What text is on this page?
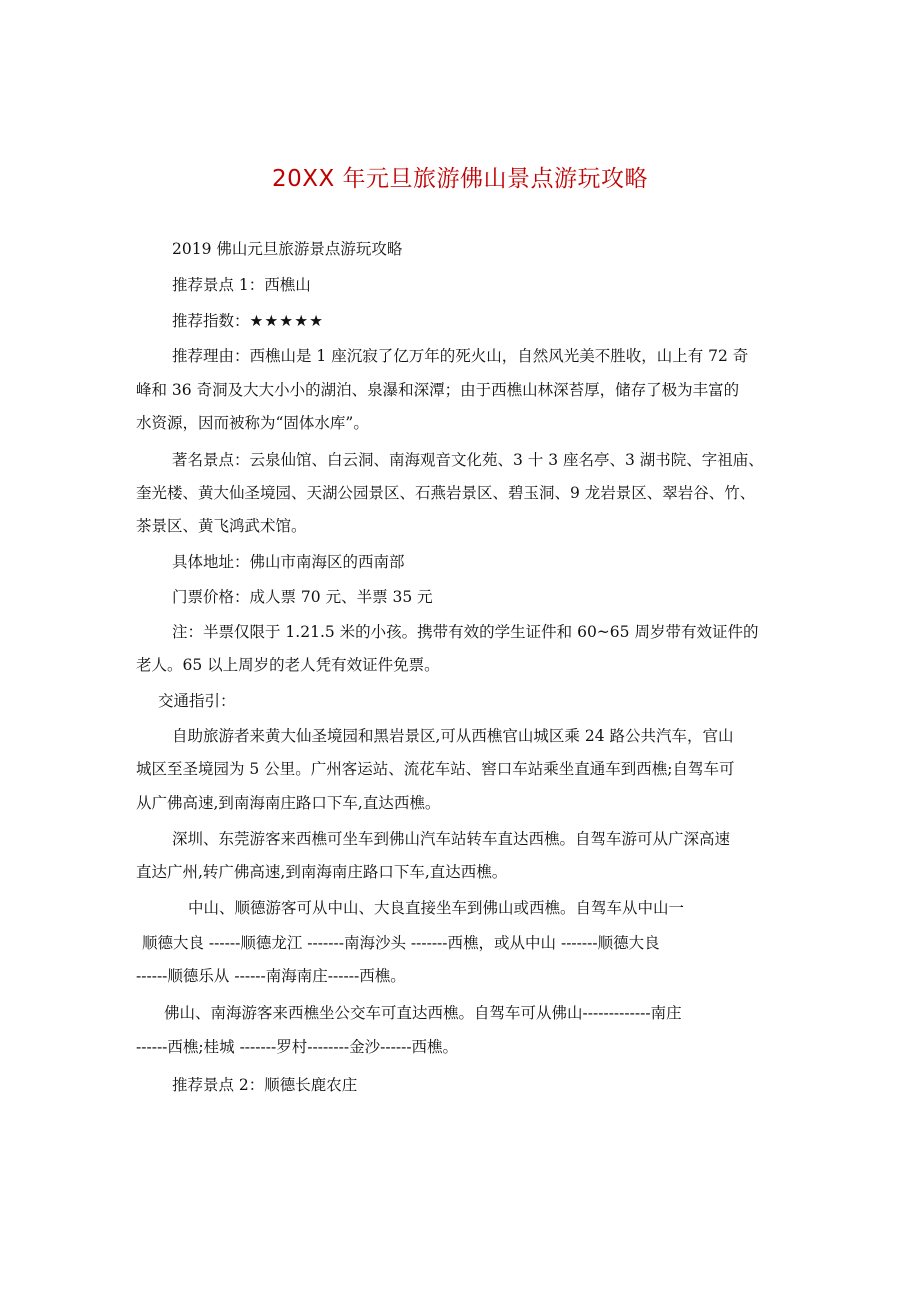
20XX 年元旦旅游佛山景点游玩攻略
2019 佛山元旦旅游景点游玩攻略
推荐景点 1：西樵山
推荐指数：★★★★★
推荐理由：西樵山是 1 座沉寂了亿万年的死火山，自然风光美不胜收，山上有 72 奇
峰和 36 奇洞及大大小小的湖泊、泉瀑和深潭；由于西樵山林深苔厚，储存了极为丰富的
水资源，因而被称为“固体水库”。
著名景点：云泉仙馆、白云洞、南海观音文化苑、3 十 3 座名亭、3 湖书院、字祖庙、
奎光楼、黄大仙圣境园、天湖公园景区、石燕岩景区、碧玉洞、9 龙岩景区、翠岩谷、竹、
茶景区、黄飞鸿武术馆。
具体地址：佛山市南海区的西南部
门票价格：成人票 70 元、半票 35 元
注：半票仅限于 1.21.5 米的小孩。携带有效的学生证件和 60~65 周岁带有效证件的
老人。65 以上周岁的老人凭有效证件免票。
交通指引：
自助旅游者来黄大仙圣境园和黑岩景区,可从西樵官山城区乘 24 路公共汽车，官山
城区至圣境园为 5 公里。广州客运站、流花车站、窖口车站乘坐直通车到西樵;自驾车可
从广佛高速,到南海南庄路口下车,直达西樵。
深圳、东莞游客来西樵可坐车到佛山汽车站转车直达西樵。自驾车游可从广深高速
直达广州,转广佛高速,到南海南庄路口下车,直达西樵。
中山、顺德游客可从中山、大良直接坐车到佛山或西樵。自驾车从中山一
顺德大良 ------顺德龙江 -------南海沙头 -------西樵，或从中山 -------顺德大良
------顺德乐从 ------南海南庄------西樵。
佛山、南海游客来西樵坐公交车可直达西樵。自驾车可从佛山-------------南庄
------西樵;桂城 -------罗村--------金沙------西樵。
推荐景点 2：顺德长鹿农庄
